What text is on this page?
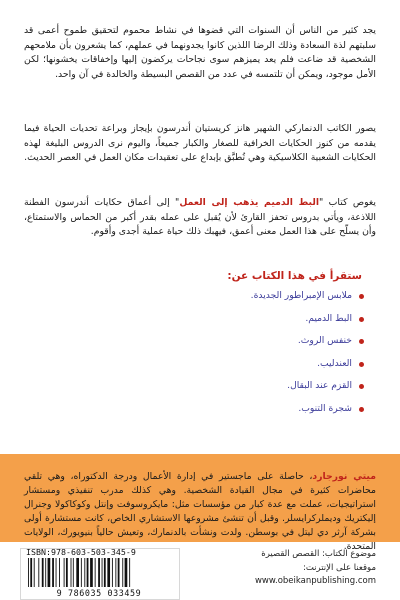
يجد كثير من الناس أن السنوات التي قضوها في نشاط محموم لتحقيق طموح أعمى قد سلبتهم لذة السعادة وذلك الرضا اللذين كانوا يجدونهما في عملهم، كما يشعرون بأن ملامحهم الشخصية قد ضاعت فلم يعد يميزهم سوى نجاحات يركضون إليها وإخفاقات يخشونها؛ لكن الأمل موجود، ويمكن أن تلتمسه في عدد من القصص البسيطة والخالدة في آن واحد.

يصور الكاتب الدنماركي الشهير هانز كريستيان أندرسون بإيجاز وبراعة تحديات الحياة فيما يقدمه من كنوز الحكايات الخرافية للصغار والكبار جميعاً، واليوم نرى الدروس البليغة لهذه الحكايات الشعبية الكلاسيكية وهي تُطبَّق بإبداع على تعقيدات مكان العمل في العصر الحديث.

يغوص كتاب "البط الدميم يذهب إلى العمل" إلى أعماق حكايات أندرسون الفطنة اللاذعة، ويأتي بدروس تحفز القارئ لأن يُقبل على عمله بقدر أكبر من الحماس والاستمتاع، وأن يسلّح على هذا العمل معنى أعمق، فيهبك ذلك حياة عملية أجدى وأقوم.

ستقرأ في هذا الكتاب عن:
ملابس الإمبراطور الجديدة.
البط الدميم.
خنفس الروث.
العندليب.
القزم عند البقال.
شجرة التنوب.

ميتي نورجارد، حاصلة على ماجستير في إدارة الأعمال ودرجة الدكتوراه، وهي تلقي محاضرات كثيرة في مجال القيادة الشخصية. وهي كذلك مدرب تنفيذي ومستشار استراتيجيات، عملت مع عدة كبار من مؤسسات مثل: مايكروسوفت وإنتل وكوكاكولا وجنرال إليكتريك وديملركرايسلر. وقبل أن تنشئ مشروعها الاستشاري الخاص، كانت مستشارة أولى بشركة آرثر دي ليتل في بوسطن. ولدت ونشأت بالدنمارك، وتعيش حالياً بنيويورك، الولايات المتحدة.

ISBN:978-603-503-345-9
9 786035 033459
موضوع الكتاب: القصص القصيرة
موقعنا على الإنترنت:
www.obeikanpublishing.com
